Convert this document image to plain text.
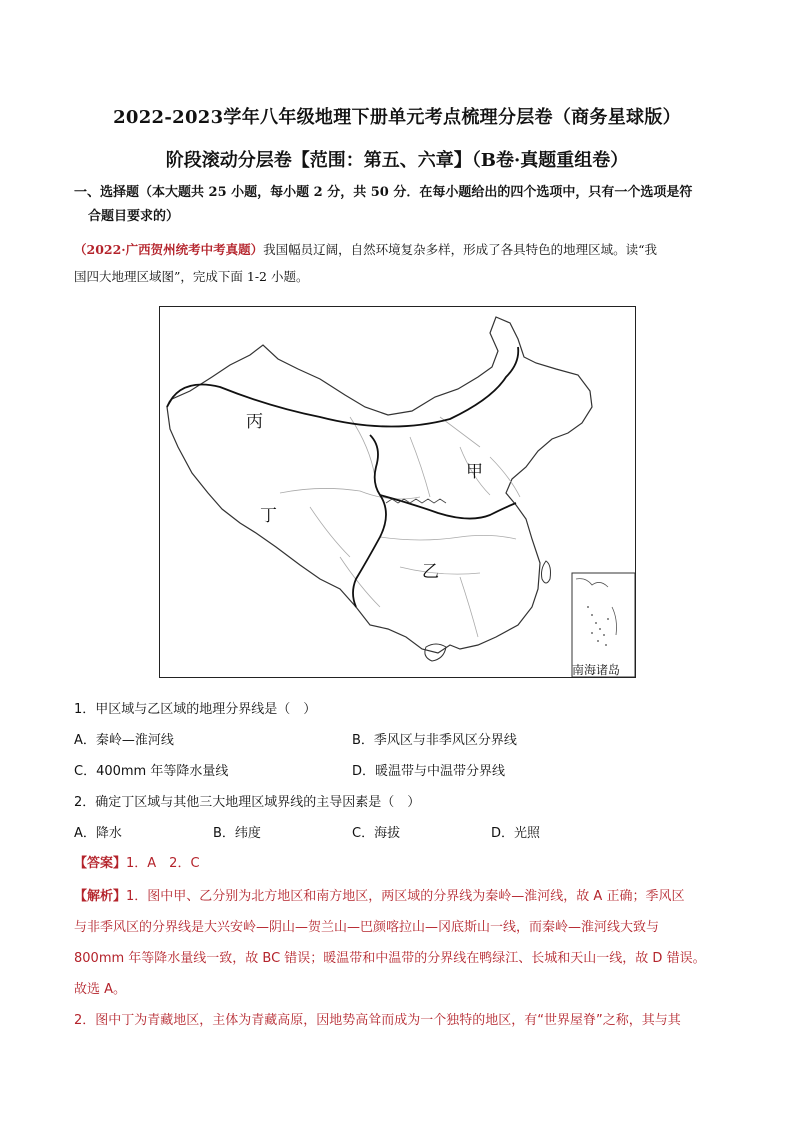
2022-2023学年八年级地理下册单元考点梳理分层卷（商务星球版）
阶段滚动分层卷【范围：第五、六章】（B卷·真题重组卷）
一、选择题（本大题共 25 小题，每小题 2 分，共 50 分．在每小题给出的四个选项中，只有一个选项是符
合题目要求的）
（2022·广西贺州统考中考真题）我国幅员辽阔，自然环境复杂多样，形成了各具特色的地理区域。读“我
国四大地理区域图”，完成下面 1-2 小题。
丙
甲
丁
乙
南海诸岛
1．甲区域与乙区域的地理分界线是（　）
A．秦岭—淮河线	B．季风区与非季风区分界线
C．400mm 年等降水量线	D．暖温带与中温带分界线
2．确定丁区域与其他三大地理区域界线的主导因素是（　）
A．降水	B．纬度	C．海拔	D．光照
【答案】1．A　2．C

【解析】1．图中甲、乙分别为北方地区和南方地区，两区域的分界线为秦岭—淮河线，故 A 正确；季风区

与非季风区的分界线是大兴安岭—阴山—贺兰山—巴颜喀拉山—冈底斯山一线，而秦岭—淮河线大致与

800mm 年等降水量线一致，故 BC 错误；暖温带和中温带的分界线在鸭绿江、长城和天山一线，故 D 错误。

故选 A。

2．图中丁为青藏地区，主体为青藏高原，因地势高耸而成为一个独特的地区，有“世界屋脊”之称，其与其
